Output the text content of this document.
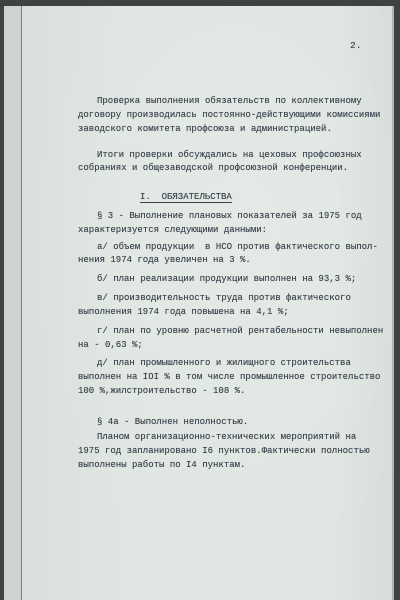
2.

Проверка выполнения обязательств по коллективному

договору производилась постоянно-действующими комиссиями

заводского комитета профсоюза и администрацией.

Итоги проверки обсуждались на цеховых профсоюзных

собраниях и общезаводской профсоюзной конференции.

I.  ОБЯЗАТЕЛЬСТВА

§ 3 - Выполнение плановых показателей за 1975 год

характеризуется следующими данными:

а/ объем продукции  в НСО против фактического выпол-

нения 1974 года увеличен на 3 %.

б/ план реализации продукции выполнен на 93,3 %;

в/ производительность труда против фактического

выполнения 1974 года повышена на 4,1 %;

г/ план по уровню расчетной рентабельности невыполнен

на - 0,63 %;

д/ план промышленного и жилищного строительства

выполнен на IOI % в том числе промышленное строительство

100 %,жилстроительство - 108 %.

§ 4а - Выполнен неполностью.

Планом организационно-технических мероприятий на

1975 год запланировано I6 пунктов.Фактически полностью

выполнены работы по I4 пунктам.
